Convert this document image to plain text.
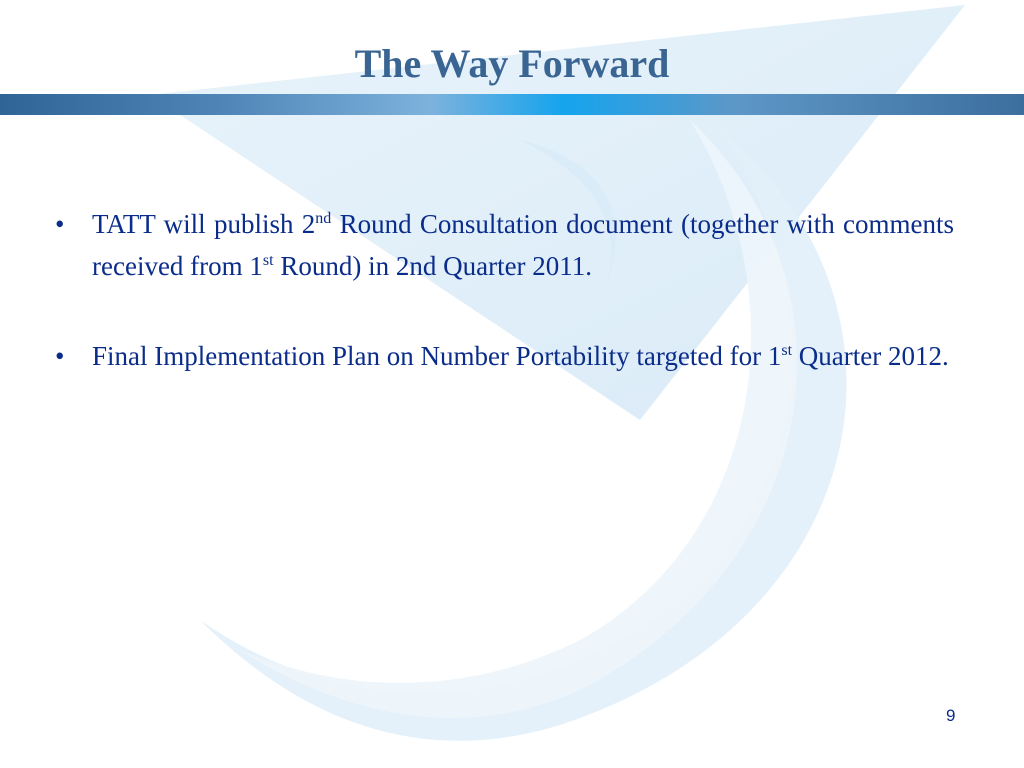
The Way Forward
• TATT will publish 2nd Round Consultation document (together with comments received from 1st Round) in 2nd Quarter 2011.
• Final Implementation Plan on Number Portability targeted for 1st Quarter 2012.
9
